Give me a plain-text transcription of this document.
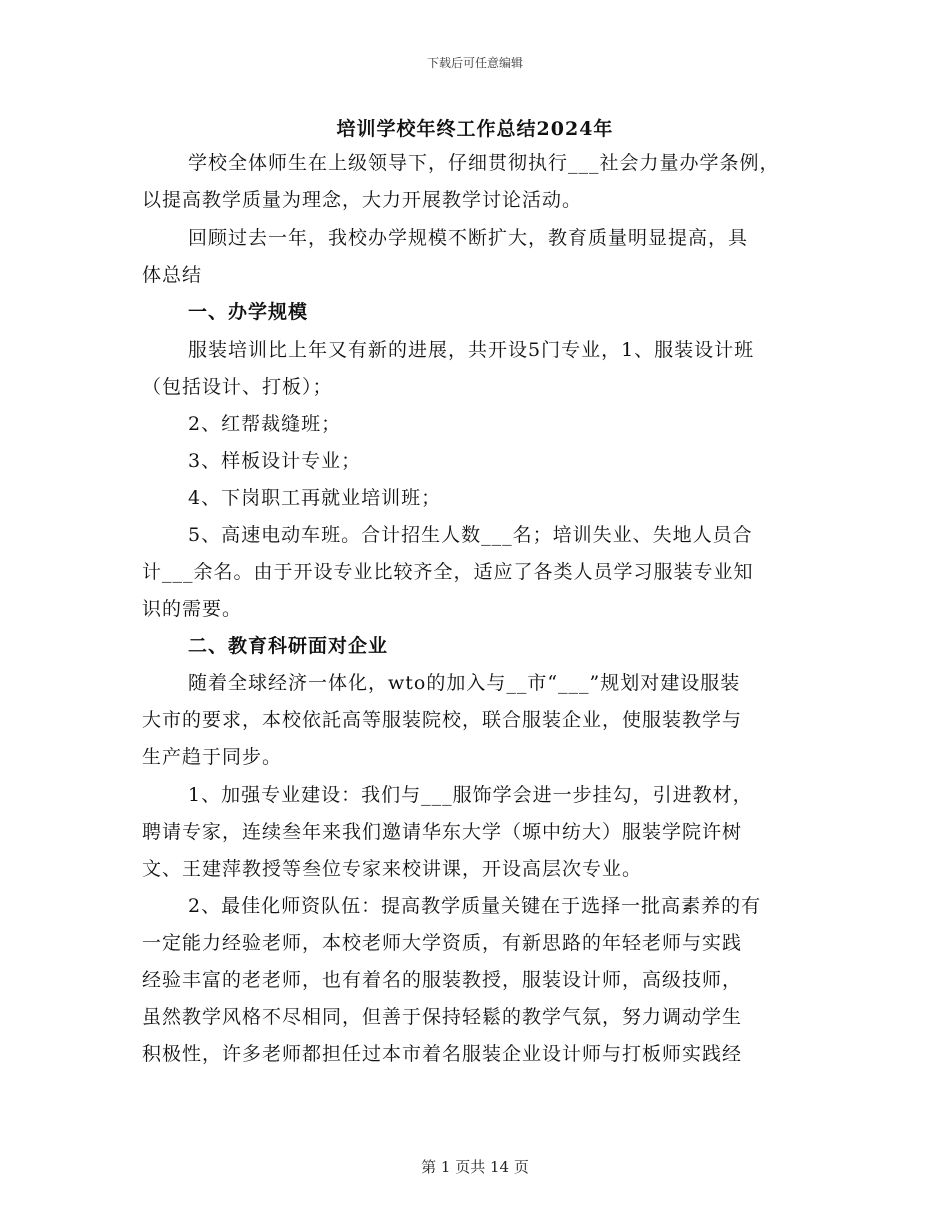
下载后可任意编辑
培训学校年终工作总结2024年
学校全体师生在上级领导下，仔细贯彻执行___社会力量办学条例，
以提高教学质量为理念，大力开展教学讨论活动。
回顾过去一年，我校办学规模不断扩大，教育质量明显提高，具
体总结
一、办学规模
服装培训比上年又有新的进展，共开设5门专业，1、服装设计班
（包括设计、打板）；
2、红帮裁缝班；
3、样板设计专业；
4、下岗职工再就业培训班；
5、高速电动车班。合计招生人数___名；培训失业、失地人员合
计___余名。由于开设专业比较齐全，适应了各类人员学习服装专业知
识的需要。
二、教育科研面对企业
随着全球经济一体化，wto的加入与__市“___”规划对建设服装
大市的要求，本校依託高等服装院校，联合服装企业，使服装教学与
生产趋于同步。
1、加强专业建设：我们与___服饰学会进一步挂勾，引进教材，
聘请专家，连续叁年来我们邀请华东大学（塬中纺大）服装学院许树
文、王建萍教授等叁位专家来校讲课，开设高层次专业。
2、最佳化师资队伍：提高教学质量关键在于选择一批高素养的有
一定能力经验老师，本校老师大学资质，有新思路的年轻老师与实践
经验丰富的老老师，也有着名的服装教授，服装设计师，高级技师，
虽然教学风格不尽相同，但善于保持轻鬆的教学气氛，努力调动学生
积极性，许多老师都担任过本市着名服装企业设计师与打板师实践经
第 1 页共 14 页
